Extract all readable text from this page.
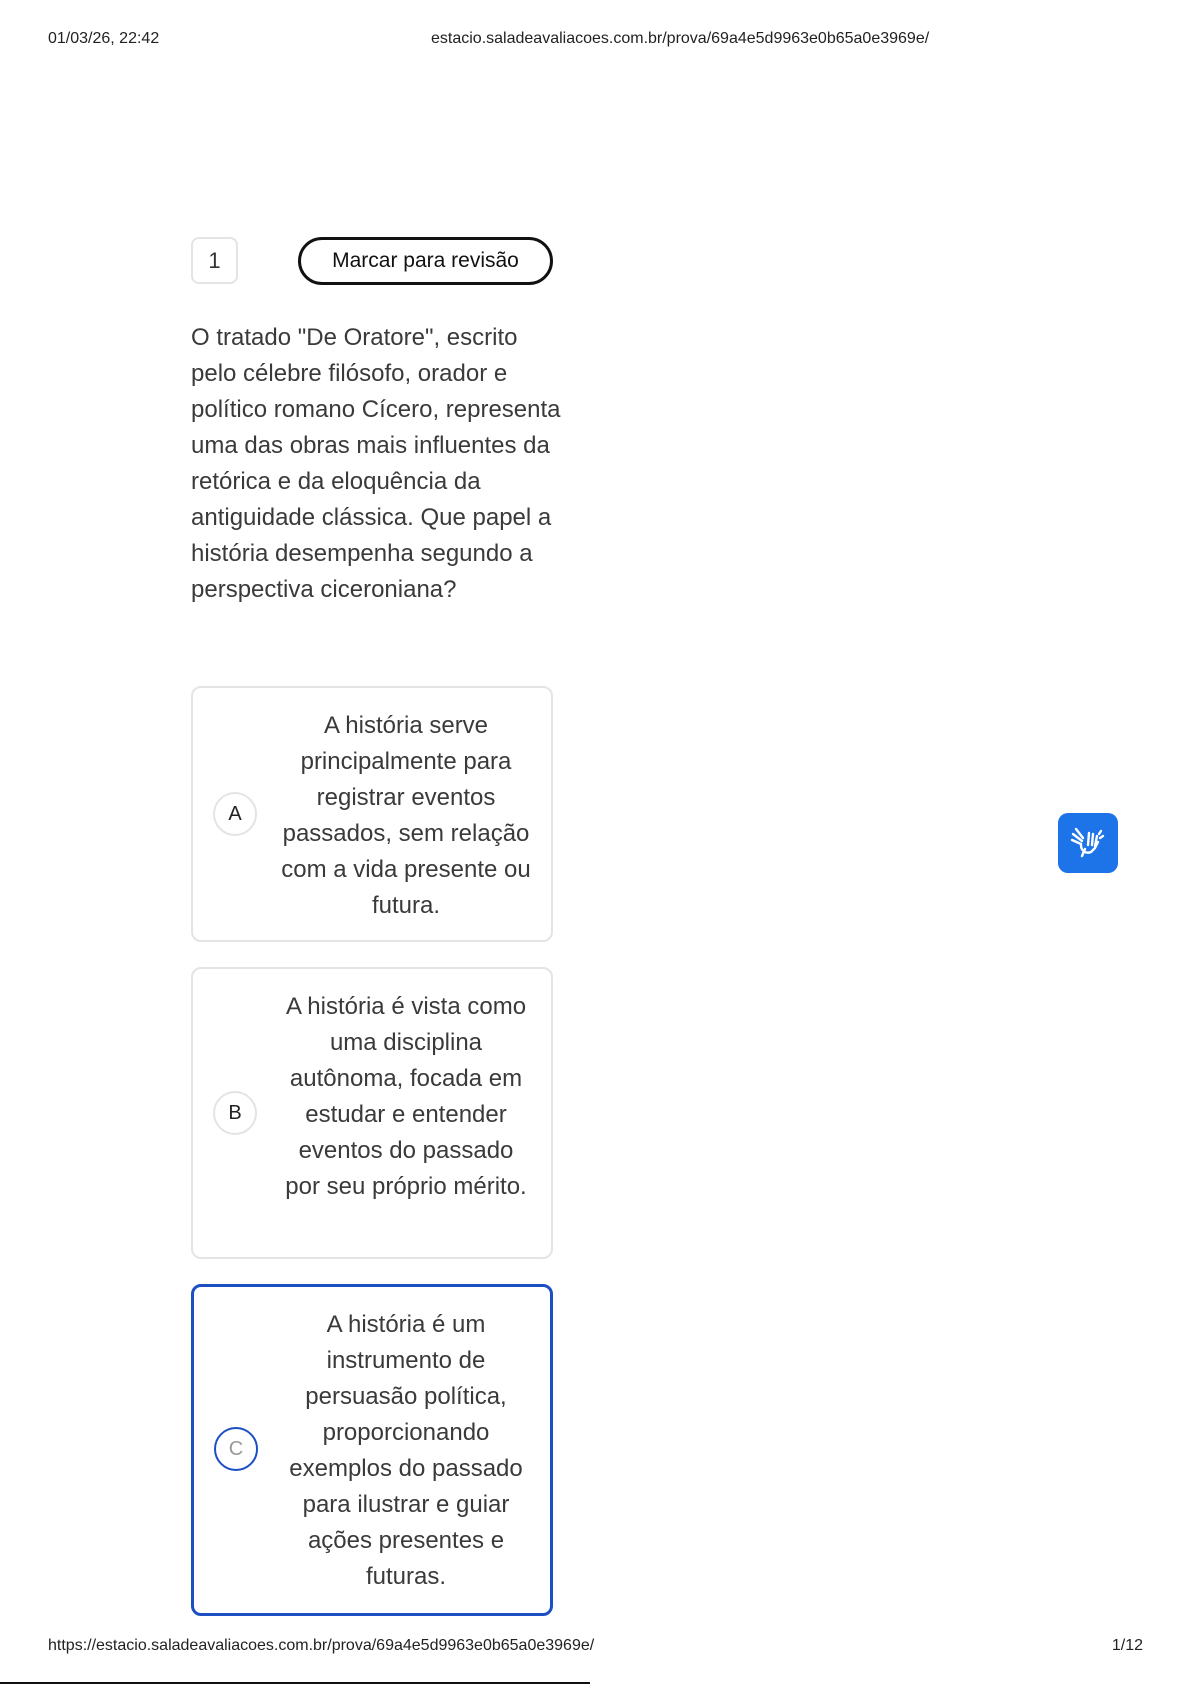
01/03/26, 22:42	estacio.saladeavaliacoes.com.br/prova/69a4e5d9963e0b65a0e3969e/
1	Marcar para revisão

O tratado "De Oratore", escrito pelo célebre filósofo, orador e político romano Cícero, representa uma das obras mais influentes da retórica e da eloquência da antiguidade clássica. Que papel a história desempenha segundo a perspectiva ciceroniana?

A
A história serve principalmente para registrar eventos passados, sem relação com a vida presente ou futura.
B
A história é vista como uma disciplina autônoma, focada em estudar e entender eventos do passado por seu próprio mérito.
C
A história é um instrumento de persuasão política, proporcionando exemplos do passado para ilustrar e guiar ações presentes e futuras.
https://estacio.saladeavaliacoes.com.br/prova/69a4e5d9963e0b65a0e3969e/	1/12
